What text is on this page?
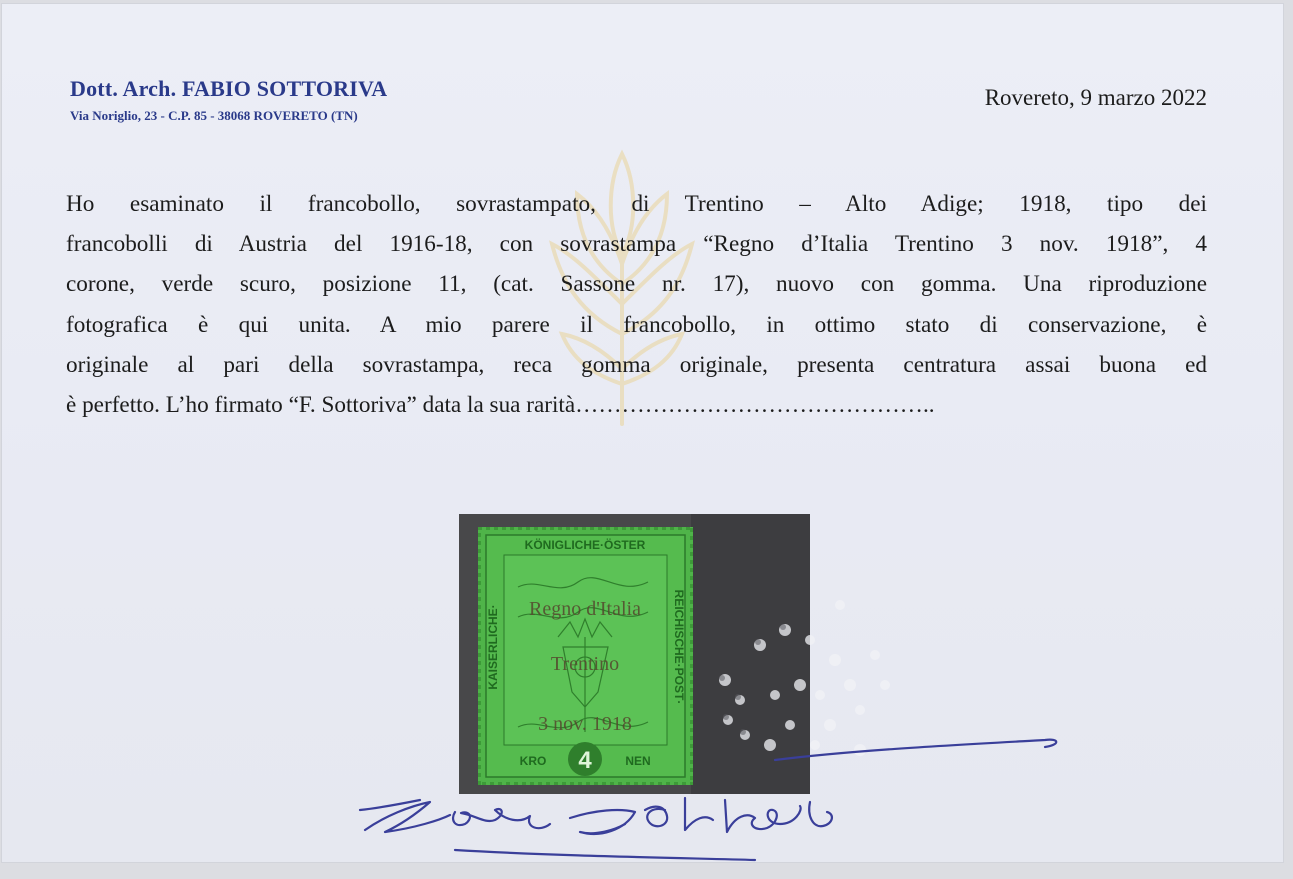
Dott. Arch. FABIO SOTTORIVA

Via Noriglio, 23 - C.P. 85 - 38068 ROVERETO (TN)

Rovereto, 9 marzo 2022

Ho esaminato il francobollo, sovrastampato, di Trentino – Alto Adige; 1918, tipo dei
francobolli di Austria del 1916-18, con sovrastampa “Regno d’Italia Trentino 3 nov. 1918”, 4
corone, verde scuro, posizione 11, (cat. Sassone nr. 17), nuovo con gomma. Una riproduzione
fotografica è qui unita. A mio parere il francobollo, in ottimo stato di conservazione, è
originale al pari della sovrastampa, reca gomma originale, presenta centratura assai buona ed
è perfetto. L’ho firmato “F. Sottoriva” data la sua rarità………………………………………..
Regno d'Italia
Trentino
3 nov. 1918
KÖNIGLICHE·ÖSTER
KAISERLICHE·	REICHISCHE·POST·
KRO	NEN
4
